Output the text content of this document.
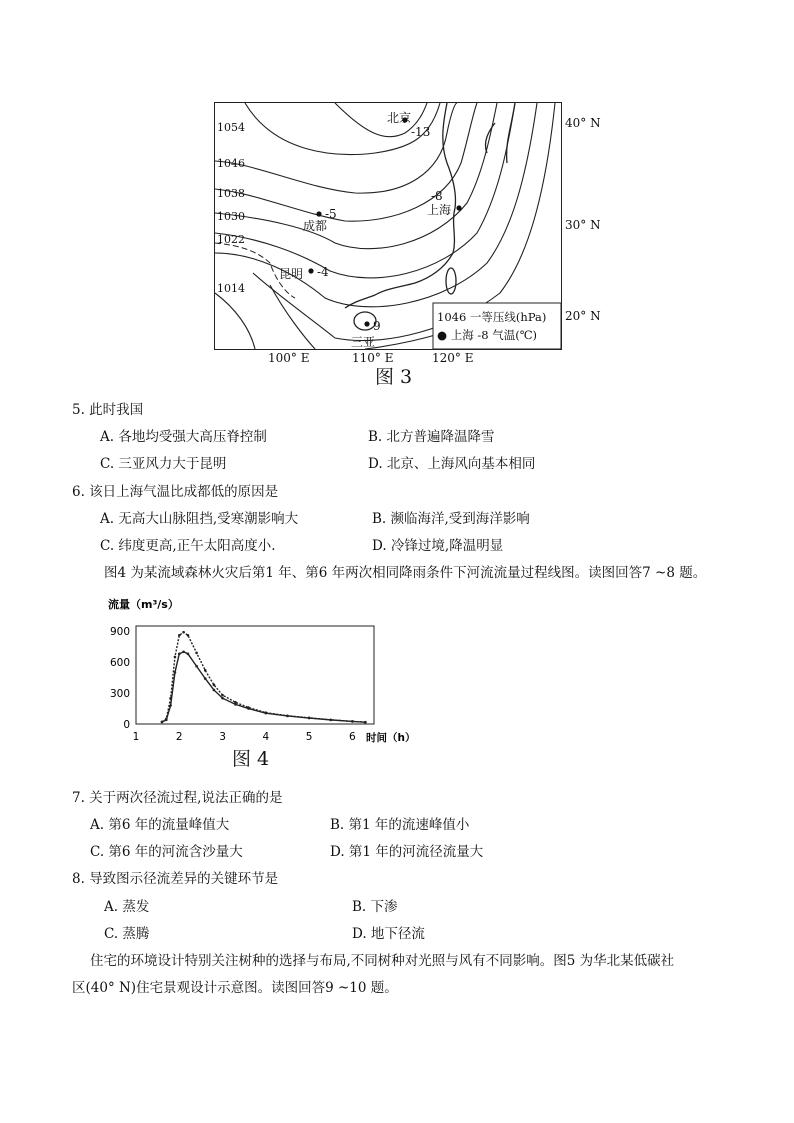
1054
1046
1038
1030
1022
1014
北京
-13
上海
-8
成都
-5
昆明 -4
三亚
9
1046 一等压线(hPa)
● 上海 -8 气温(℃)
40° N
30° N
20° N
100° E	110° E	120° E
图 3
5. 此时我国
A. 各地均受强大高压脊控制	B. 北方普遍降温降雪
C. 三亚风力大于昆明	D. 北京、上海风向基本相同
6. 该日上海气温比成都低的原因是
A. 无高大山脉阻挡,受寒潮影响大	B. 濒临海洋,受到海洋影响
C. 纬度更高,正午太阳高度小.	D. 冷锋过境,降温明显
图4 为某流域森林火灾后第1 年、第6 年两次相同降雨条件下河流流量过程线图。读图回答7 ~8 题。
流量（m³/s）
0
300
600
900
1	2	3	4	5	6 时间（h）
图 4
7. 关于两次径流过程,说法正确的是
A. 第6 年的流量峰值大	B. 第1 年的流速峰值小
C. 第6 年的河流含沙量大	D. 第1 年的河流径流量大
8. 导致图示径流差异的关键环节是
A. 蒸发	B. 下渗
C. 蒸腾	D. 地下径流
住宅的环境设计特别关注树种的选择与布局,不同树种对光照与风有不同影响。图5 为华北某低碳社
区(40° N)住宅景观设计示意图。读图回答9 ~10 题。
